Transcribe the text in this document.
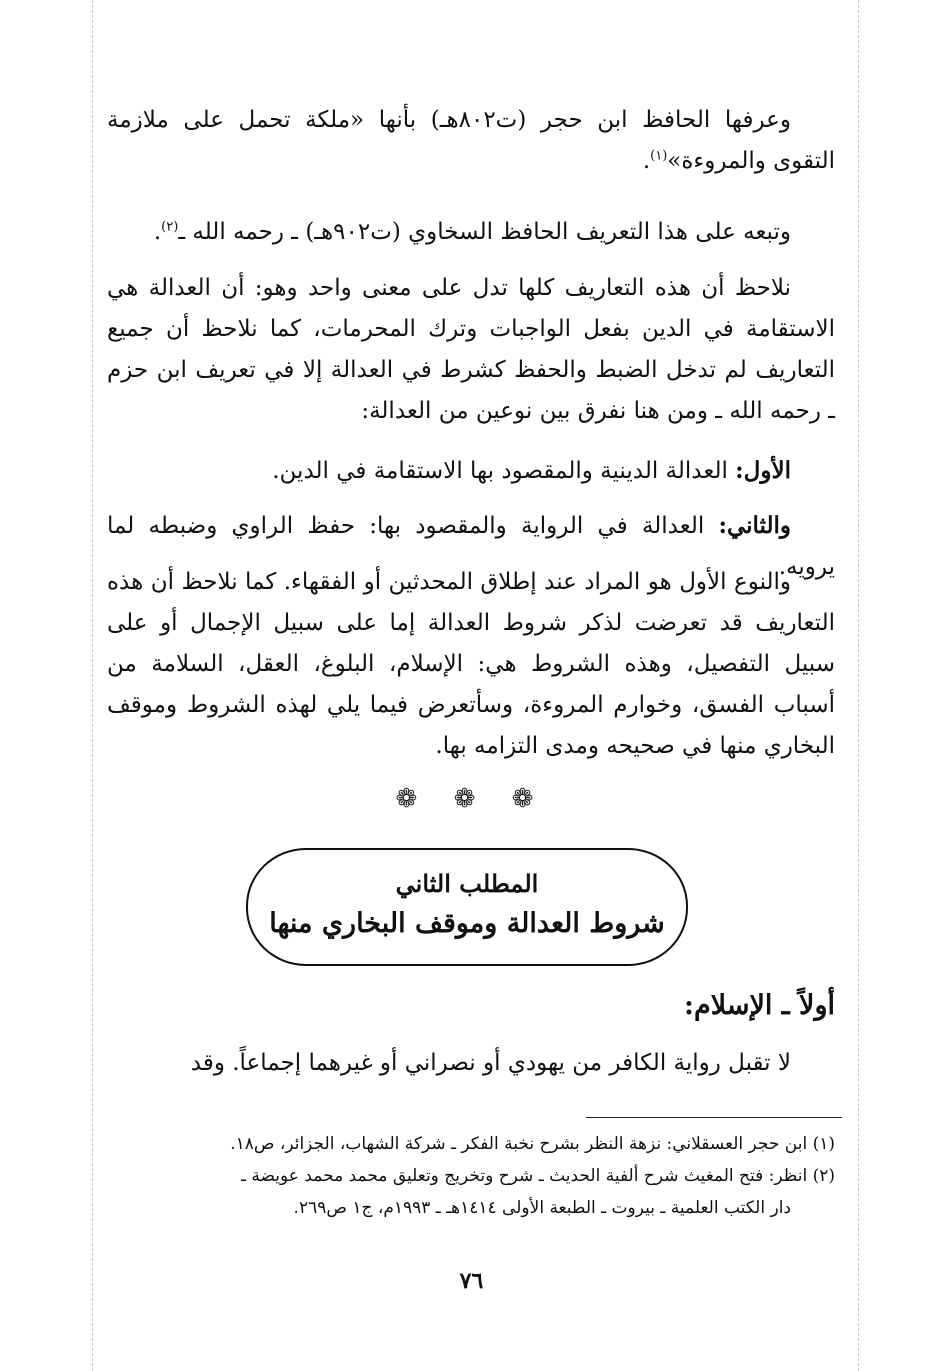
وعرفها الحافظ ابن حجر (ت٨٠٢هـ) بأنها «ملكة تحمل على ملازمة التقوى والمروءة»$^{(١)}$.

وتبعه على هذا التعريف الحافظ السخاوي (ت٩٠٢هـ) ـ رحمه الله ـ$^{(٢)}$.

نلاحظ أن هذه التعاريف كلها تدل على معنى واحد وهو: أن العدالة هي الاستقامة في الدين بفعل الواجبات وترك المحرمات، كما نلاحظ أن جميع التعاريف لم تدخل الضبط والحفظ كشرط في العدالة إلا في تعريف ابن حزم ـ رحمه الله ـ ومن هنا نفرق بين نوعين من العدالة:

الأول: العدالة الدينية والمقصود بها الاستقامة في الدين.

والثاني: العدالة في الرواية والمقصود بها: حفظ الراوي وضبطه لما يرويه.

والنوع الأول هو المراد عند إطلاق المحدثين أو الفقهاء. كما نلاحظ أن هذه التعاريف قد تعرضت لذكر شروط العدالة إما على سبيل الإجمال أو على سبيل التفصيل، وهذه الشروط هي: الإسلام، البلوغ، العقل، السلامة من أسباب الفسق، وخوارم المروءة، وسأتعرض فيما يلي لهذه الشروط وموقف البخاري منها في صحيحه ومدى التزامه بها.

❁ ❁ ❁
المطلب الثاني
شروط العدالة وموقف البخاري منها
أولاً ـ الإسلام:

لا تقبل رواية الكافر من يهودي أو نصراني أو غيرهما إجماعاً. وقد

(١) ابن حجر العسقلاني: نزهة النظر بشرح نخبة الفكر ـ شركة الشهاب، الجزائر، ص١٨.

(٢) انظر: فتح المغيث شرح ألفية الحديث ـ شرح وتخريج وتعليق محمد محمد عويضة ـ

دار الكتب العلمية ـ بيروت ـ الطبعة الأولى ١٤١٤هـ ـ ١٩٩٣م، ج١ ص٢٦٩.

٧٦
